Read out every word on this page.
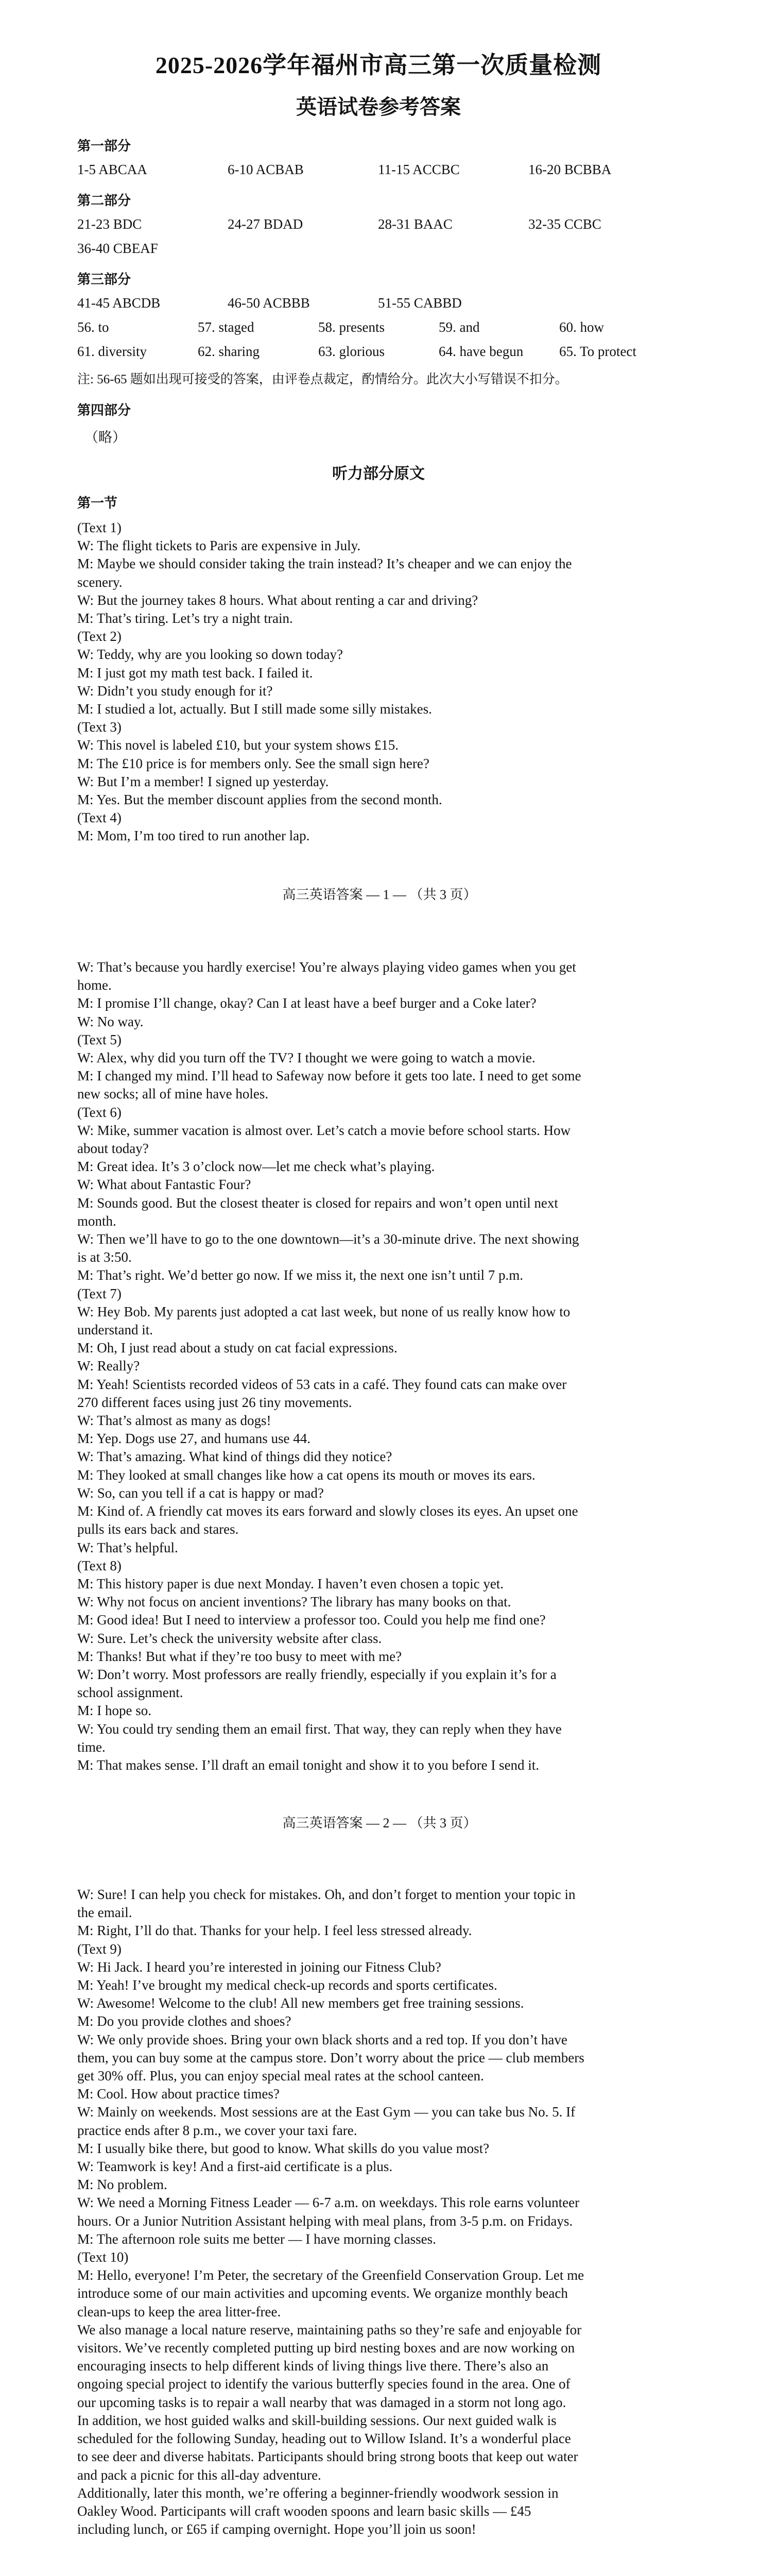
2025-2026学年福州市高三第一次质量检测
英语试卷参考答案
第一部分
1-5 ABCAA	6-10 ACBAB	11-15 ACCBC	16-20 BCBBA
第二部分
21-23 BDC	24-27 BDAD	28-31 BAAC	32-35 CCBC
36-40 CBEAF
第三部分
41-45 ABCDB	46-50 ACBBB	51-55 CABBD
56. to	57. staged	58. presents	59. and	60. how
61. diversity	62. sharing	63. glorious	64. have begun	65. To protect
注: 56-65 题如出现可接受的答案，由评卷点裁定，酌情给分。此次大小写错误不扣分。
第四部分
（略）
听力部分原文
第一节
(Text 1)
W: The flight tickets to Paris are expensive in July.
M: Maybe we should consider taking the train instead? It’s cheaper and we can enjoy the
scenery.
W: But the journey takes 8 hours. What about renting a car and driving?
M: That’s tiring. Let’s try a night train.
(Text 2)
W: Teddy, why are you looking so down today?
M: I just got my math test back. I failed it.
W: Didn’t you study enough for it?
M: I studied a lot, actually. But I still made some silly mistakes.
(Text 3)
W: This novel is labeled £10, but your system shows £15.
M: The £10 price is for members only. See the small sign here?
W: But I’m a member! I signed up yesterday.
M: Yes. But the member discount applies from the second month.
(Text 4)
M: Mom, I’m too tired to run another lap.
高三英语答案 — 1 — （共 3 页）
W: That’s because you hardly exercise! You’re always playing video games when you get
home.
M: I promise I’ll change, okay? Can I at least have a beef burger and a Coke later?
W: No way.
(Text 5)
W: Alex, why did you turn off the TV? I thought we were going to watch a movie.
M: I changed my mind. I’ll head to Safeway now before it gets too late. I need to get some
new socks; all of mine have holes.
(Text 6)
W: Mike, summer vacation is almost over. Let’s catch a movie before school starts. How
about today?
M: Great idea. It’s 3 o’clock now—let me check what’s playing.
W: What about Fantastic Four?
M: Sounds good. But the closest theater is closed for repairs and won’t open until next
month.
W: Then we’ll have to go to the one downtown—it’s a 30-minute drive. The next showing
is at 3:50.
M: That’s right. We’d better go now. If we miss it, the next one isn’t until 7 p.m.
(Text 7)
W: Hey Bob. My parents just adopted a cat last week, but none of us really know how to
understand it.
M: Oh, I just read about a study on cat facial expressions.
W: Really?
M: Yeah! Scientists recorded videos of 53 cats in a café. They found cats can make over
270 different faces using just 26 tiny movements.
W: That’s almost as many as dogs!
M: Yep. Dogs use 27, and humans use 44.
W: That’s amazing. What kind of things did they notice?
M: They looked at small changes like how a cat opens its mouth or moves its ears.
W: So, can you tell if a cat is happy or mad?
M: Kind of. A friendly cat moves its ears forward and slowly closes its eyes. An upset one
pulls its ears back and stares.
W: That’s helpful.
(Text 8)
M: This history paper is due next Monday. I haven’t even chosen a topic yet.
W: Why not focus on ancient inventions? The library has many books on that.
M: Good idea! But I need to interview a professor too. Could you help me find one?
W: Sure. Let’s check the university website after class.
M: Thanks! But what if they’re too busy to meet with me?
W: Don’t worry. Most professors are really friendly, especially if you explain it’s for a
school assignment.
M: I hope so.
W: You could try sending them an email first. That way, they can reply when they have
time.
M: That makes sense. I’ll draft an email tonight and show it to you before I send it.
高三英语答案 — 2 — （共 3 页）
W: Sure! I can help you check for mistakes. Oh, and don’t forget to mention your topic in
the email.
M: Right, I’ll do that. Thanks for your help. I feel less stressed already.
(Text 9)
W: Hi Jack. I heard you’re interested in joining our Fitness Club?
M: Yeah! I’ve brought my medical check-up records and sports certificates.
W: Awesome! Welcome to the club! All new members get free training sessions.
M: Do you provide clothes and shoes?
W: We only provide shoes. Bring your own black shorts and a red top. If you don’t have
them, you can buy some at the campus store. Don’t worry about the price — club members
get 30% off. Plus, you can enjoy special meal rates at the school canteen.
M: Cool. How about practice times?
W: Mainly on weekends. Most sessions are at the East Gym — you can take bus No. 5. If
practice ends after 8 p.m., we cover your taxi fare.
M: I usually bike there, but good to know. What skills do you value most?
W: Teamwork is key! And a first-aid certificate is a plus.
M: No problem.
W: We need a Morning Fitness Leader — 6-7 a.m. on weekdays. This role earns volunteer
hours. Or a Junior Nutrition Assistant helping with meal plans, from 3-5 p.m. on Fridays.
M: The afternoon role suits me better — I have morning classes.
(Text 10)
M: Hello, everyone! I’m Peter, the secretary of the Greenfield Conservation Group. Let me
introduce some of our main activities and upcoming events. We organize monthly beach
clean-ups to keep the area litter-free.
We also manage a local nature reserve, maintaining paths so they’re safe and enjoyable for
visitors. We’ve recently completed putting up bird nesting boxes and are now working on
encouraging insects to help different kinds of living things live there. There’s also an
ongoing special project to identify the various butterfly species found in the area. One of
our upcoming tasks is to repair a wall nearby that was damaged in a storm not long ago.
In addition, we host guided walks and skill-building sessions. Our next guided walk is
scheduled for the following Sunday, heading out to Willow Island. It’s a wonderful place
to see deer and diverse habitats. Participants should bring strong boots that keep out water
and pack a picnic for this all-day adventure.
Additionally, later this month, we’re offering a beginner-friendly woodwork session in
Oakley Wood. Participants will craft wooden spoons and learn basic skills — £45
including lunch, or £65 if camping overnight. Hope you’ll join us soon!
